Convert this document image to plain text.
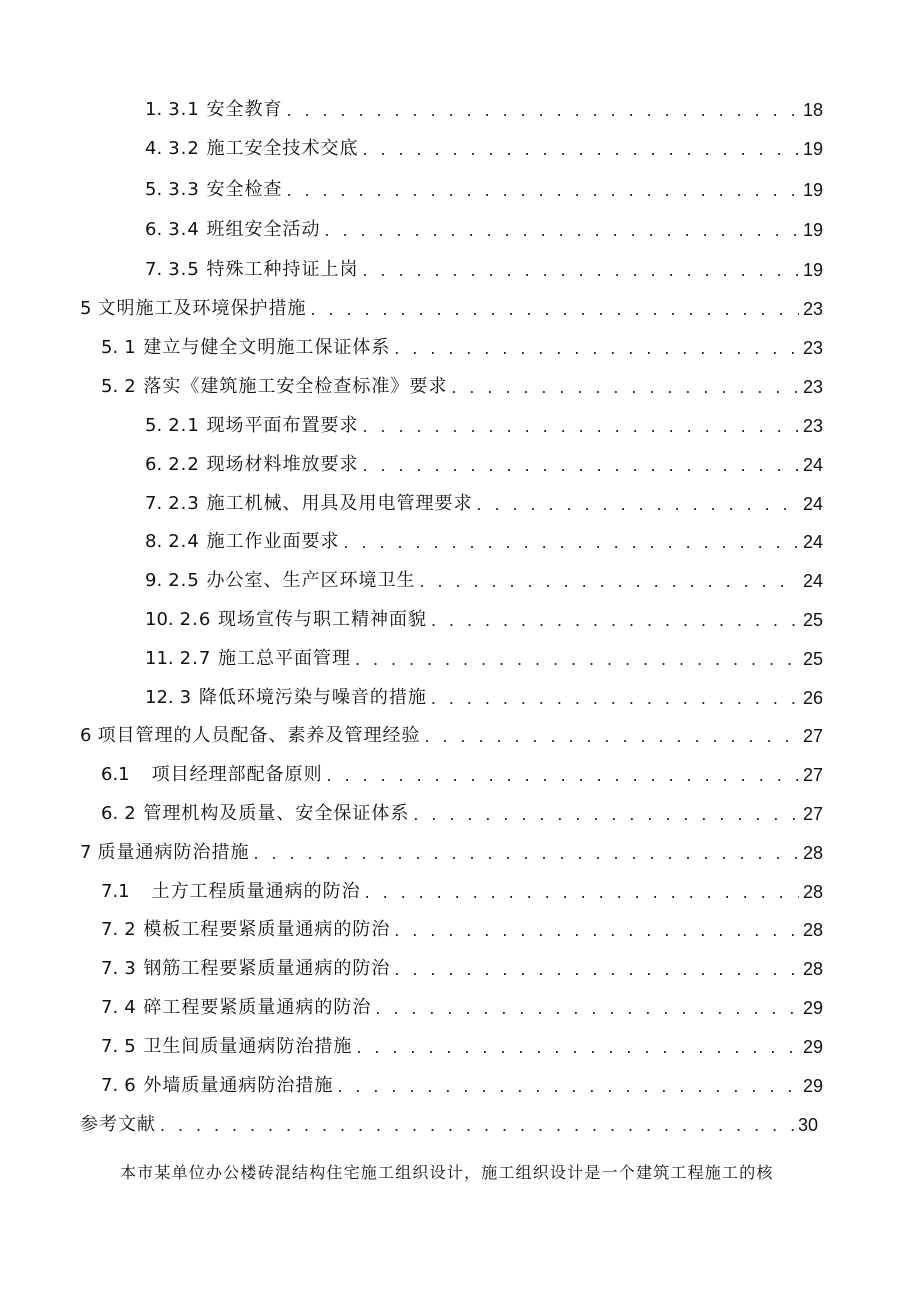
1. 3.1 安全教育 . . .	18
4. 3.2 施工安全技术交底 . . .	19
5. 3.3 安全检查 . . .	19
6. 3.4 班组安全活动 . . .	19
7. 3.5 特殊工种持证上岗 . . .	19
5 文明施工及环境保护措施 . . .	23
5. 1 建立与健全文明施工保证体系 . . .	23
5. 2 落实《建筑施工安全检查标准》要求 . . .	23
5. 2.1 现场平面布置要求 . . .	23
6. 2.2 现场材料堆放要求 . . .	24
7. 2.3 施工机械、用具及用电管理要求 . . .	24
8. 2.4 施工作业面要求 . . .	24
9. 2.5 办公室、生产区环境卫生 . . .	24
10. 2.6 现场宣传与职工精神面貌 . . .	25
11. 2.7 施工总平面管理 . . .	25
12. 3 降低环境污染与噪音的措施 . . .	26
6 项目管理的人员配备、素养及管理经验 . . .	27
6.1 项目经理部配备原则 . . .	27
6. 2 管理机构及质量、安全保证体系 . . .	27
7 质量通病防治措施 . . .	28
7.1 土方工程质量通病的防治 . . .	28
7. 2 模板工程要紧质量通病的防治 . . .	28
7. 3 钢筋工程要紧质量通病的防治 . . .	28
7. 4 碎工程要紧质量通病的防治 . . .	29
7. 5 卫生间质量通病防治措施 . . .	29
7. 6 外墙质量通病防治措施 . . .	29
参考文献 . . .	30
本市某单位办公楼砖混结构住宅施工组织设计，施工组织设计是一个建筑工程施工的核
